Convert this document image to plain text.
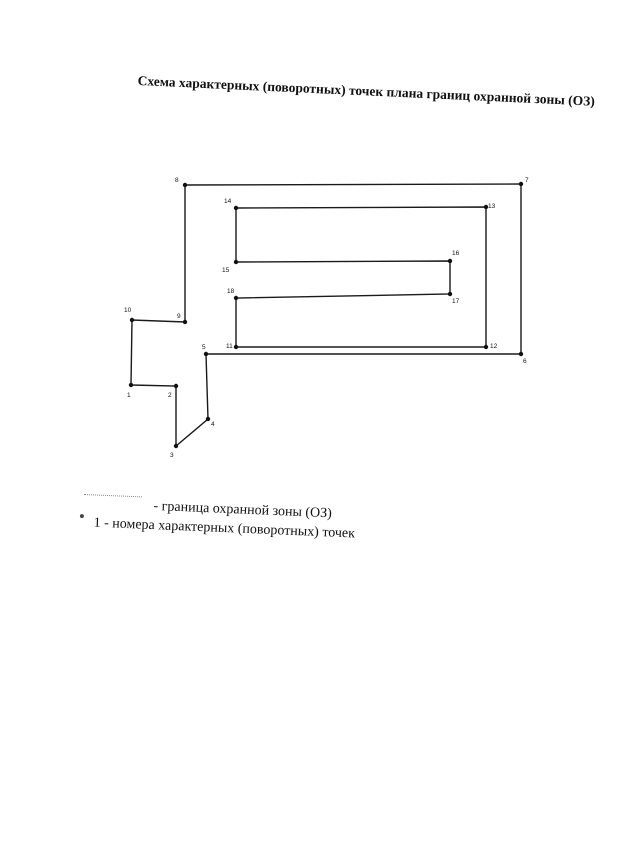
Схема характерных (поворотных) точек плана границ охранной зоны (ОЗ)
1	2
3
4
5
6
7
8
9
10
11	12
13
14
15
16
17
18
- граница охранной зоны (ОЗ)
1 - номера характерных (поворотных) точек
